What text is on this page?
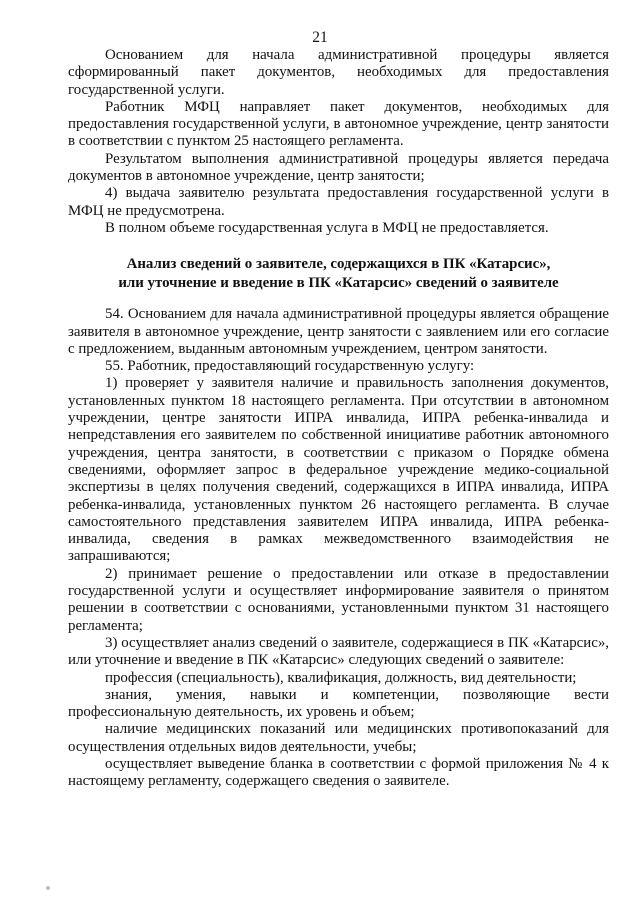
21

Основанием для начала административной процедуры является сформированный пакет документов, необходимых для предоставления государственной услуги.

Работник МФЦ направляет пакет документов, необходимых для предоставления государственной услуги, в автономное учреждение, центр занятости в соответствии с пунктом 25 настоящего регламента.

Результатом выполнения административной процедуры является передача документов в автономное учреждение, центр занятости;

4) выдача заявителю результата предоставления государственной услуги в МФЦ не предусмотрена.

В полном объеме государственная услуга в МФЦ не предоставляется.

Анализ сведений о заявителе, содержащихся в ПК «Катарсис»,

или уточнение и введение в ПК «Катарсис» сведений о заявителе

54. Основанием для начала административной процедуры является обращение заявителя в автономное учреждение, центр занятости с заявлением или его согласие с предложением, выданным автономным учреждением, центром занятости.

55. Работник, предоставляющий государственную услугу:

1) проверяет у заявителя наличие и правильность заполнения документов, установленных пунктом 18 настоящего регламента. При отсутствии в автономном учреждении, центре занятости ИПРА инвалида, ИПРА ребенка-инвалида и непредставления его заявителем по собственной инициативе работник автономного учреждения, центра занятости, в соответствии с приказом о Порядке обмена сведениями, оформляет запрос в федеральное учреждение медико-социальной экспертизы в целях получения сведений, содержащихся в ИПРА инвалида, ИПРА ребенка-инвалида, установленных пунктом 26 настоящего регламента. В случае самостоятельного представления заявителем ИПРА инвалида, ИПРА ребенка-инвалида, сведения в рамках межведомственного взаимодействия не запрашиваются;

2) принимает решение о предоставлении или отказе в предоставлении государственной услуги и осуществляет информирование заявителя о принятом решении в соответствии с основаниями, установленными пунктом 31 настоящего регламента;

3) осуществляет анализ сведений о заявителе, содержащиеся в ПК «Катарсис», или уточнение и введение в ПК «Катарсис» следующих сведений о заявителе:

профессия (специальность), квалификация, должность, вид деятельности;

знания, умения, навыки и компетенции, позволяющие вести профессиональную деятельность, их уровень и объем;

наличие медицинских показаний или медицинских противопоказаний для осуществления отдельных видов деятельности, учебы;

осуществляет выведение бланка в соответствии с формой приложения № 4 к настоящему регламенту, содержащего сведения о заявителе.
